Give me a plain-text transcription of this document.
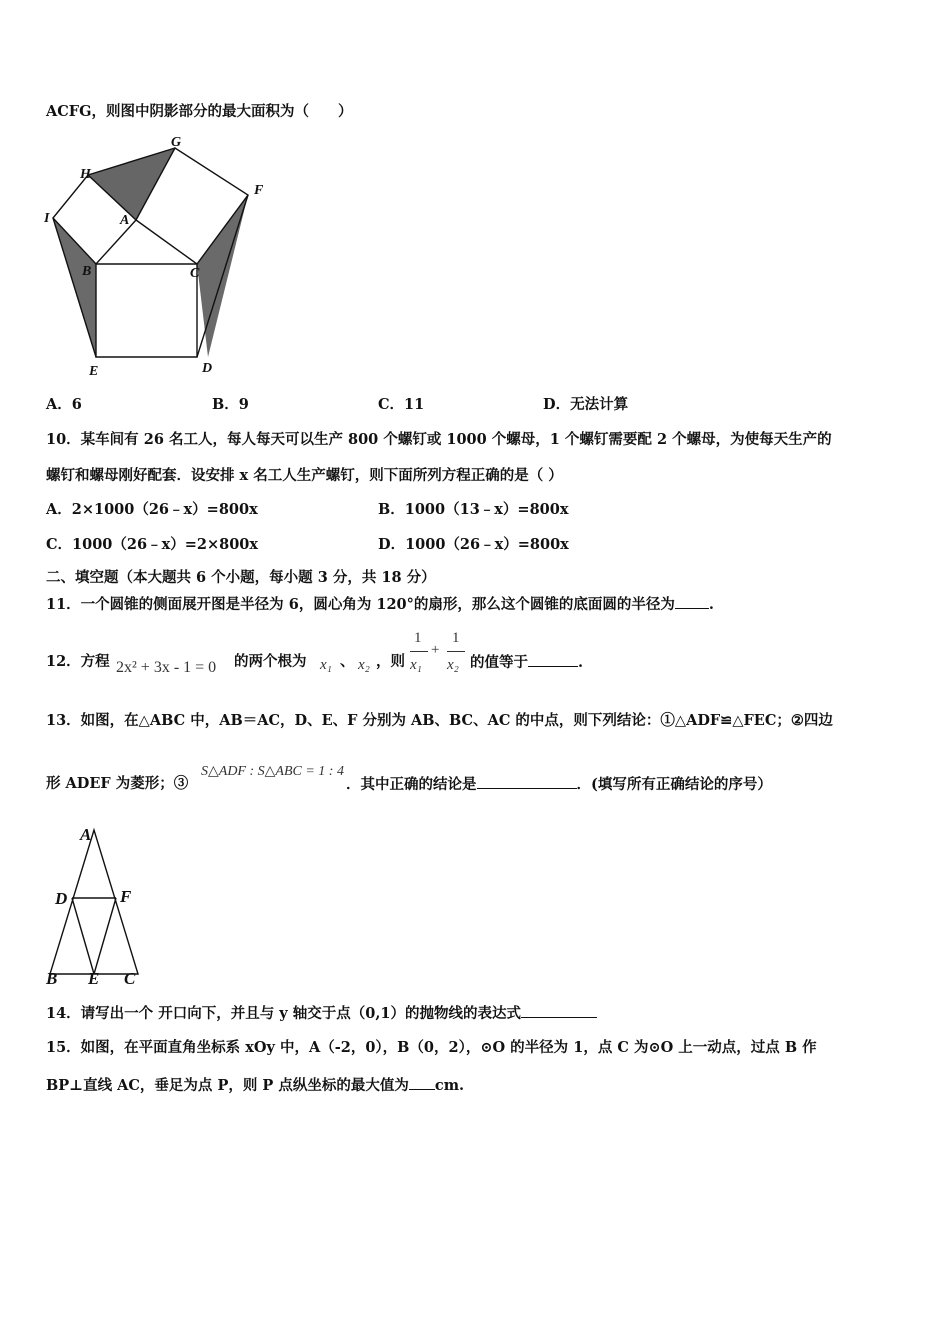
ACFG，则图中阴影部分的最大面积为（　　）
G
H
F
I	A
B	C
E	D
A．6	B．9	C．11	D．无法计算
10．某车间有 26 名工人，每人每天可以生产 800 个螺钉或 1000 个螺母，1 个螺钉需要配 2 个螺母，为使每天生产的
螺钉和螺母刚好配套．设安排 x 名工人生产螺钉，则下面所列方程正确的是（ ）
A．2×1000（26﹣x）=800x	B．1000（13﹣x）=800x
C．1000（26﹣x）=2×800x	D．1000（26﹣x）=800x
二、填空题（本大题共 6 个小题，每小题 3 分，共 18 分）
11．一个圆锥的侧面展开图是半径为 6，圆心角为 120°的扇形，那么这个圆锥的底面圆的半径为 .
12．方程 2x² + 3x - 1 = 0 的两个根为 x₁ 、 x₂ ，则
1
x₁
+
1
x₂ 的值等于	.
13．如图，在△ABC 中，AB＝AC，D、E、F 分别为 AB、BC、AC 的中点，则下列结论：①△ADF≌△FEC；②四边
形 ADEF 为菱形；③
S△ADF : S△ABC = 1 : 4
．其中正确的结论是	．(填写所有正确结论的序号）
A
D	F
B E C
14．请写出一个 开口向下，并且与 y 轴交于点（0,1）的抛物线的表达式
15．如图，在平面直角坐标系 xOy 中，A（-2，0），B（0，2），⊙O 的半径为 1，点 C 为⊙O 上一动点，过点 B 作
BP⊥直线 AC，垂足为点 P，则 P 点纵坐标的最大值为 cm.
